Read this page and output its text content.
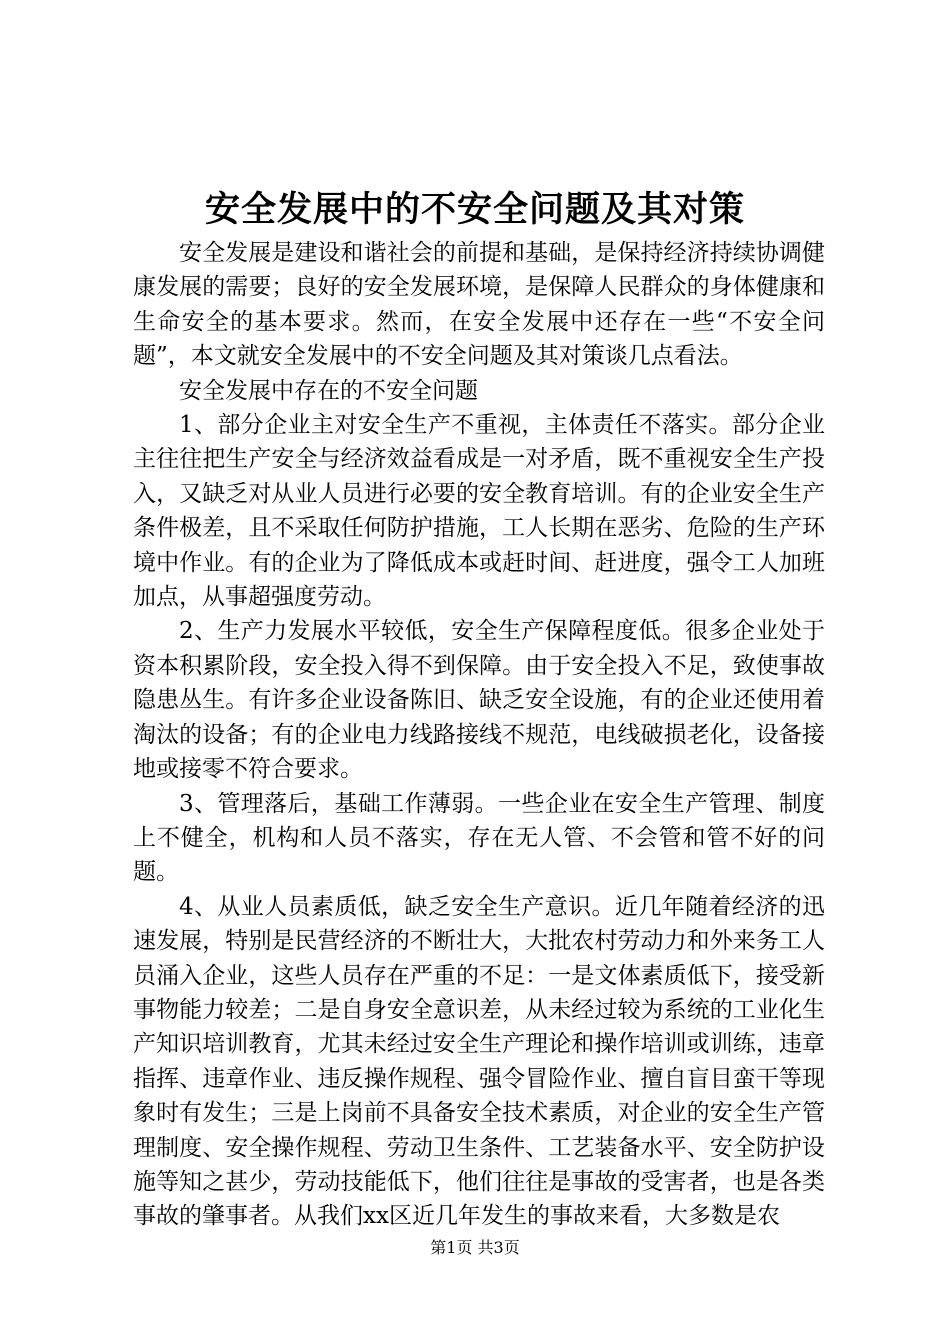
安全发展中的不安全问题及其对策

安全发展是建设和谐社会的前提和基础，是保持经济持续协调健康发展的需要；良好的安全发展环境，是保障人民群众的身体健康和生命安全的基本要求。然而，在安全发展中还存在一些“不安全问题”，本文就安全发展中的不安全问题及其对策谈几点看法。

安全发展中存在的不安全问题

1、部分企业主对安全生产不重视，主体责任不落实。部分企业主往往把生产安全与经济效益看成是一对矛盾，既不重视安全生产投入，又缺乏对从业人员进行必要的安全教育培训。有的企业安全生产条件极差，且不采取任何防护措施，工人长期在恶劣、危险的生产环境中作业。有的企业为了降低成本或赶时间、赶进度，强令工人加班加点，从事超强度劳动。

2、生产力发展水平较低，安全生产保障程度低。很多企业处于资本积累阶段，安全投入得不到保障。由于安全投入不足，致使事故隐患丛生。有许多企业设备陈旧、缺乏安全设施，有的企业还使用着淘汰的设备；有的企业电力线路接线不规范，电线破损老化，设备接地或接零不符合要求。

3、管理落后，基础工作薄弱。一些企业在安全生产管理、制度上不健全，机构和人员不落实，存在无人管、不会管和管不好的问题。

4、从业人员素质低，缺乏安全生产意识。近几年随着经济的迅速发展，特别是民营经济的不断壮大，大批农村劳动力和外来务工人员涌入企业，这些人员存在严重的不足：一是文体素质低下，接受新事物能力较差；二是自身安全意识差，从未经过较为系统的工业化生产知识培训教育，尤其未经过安全生产理论和操作培训或训练，违章指挥、违章作业、违反操作规程、强令冒险作业、擅自盲目蛮干等现象时有发生；三是上岗前不具备安全技术素质，对企业的安全生产管理制度、安全操作规程、劳动卫生条件、工艺装备水平、安全防护设施等知之甚少，劳动技能低下，他们往往是事故的受害者，也是各类事故的肇事者。从我们xx区近几年发生的事故来看，大多数是农

第1页 共3页
